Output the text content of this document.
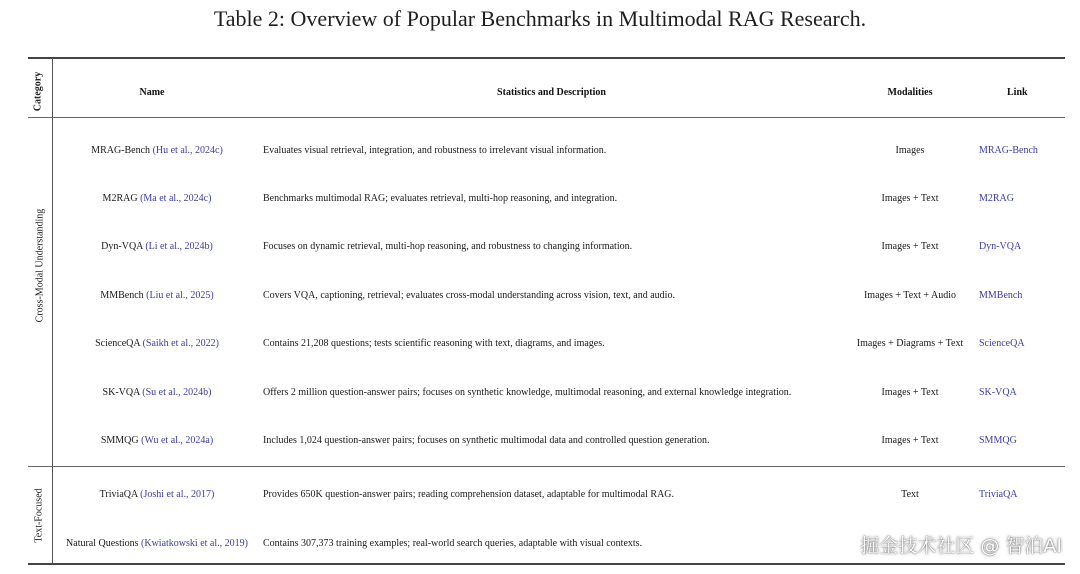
Table 2: Overview of Popular Benchmarks in Multimodal RAG Research.
Category	Name	Statistics and Description	Modalities	Link
Cross-Modal Understanding
Text-Focused
MRAG-Bench (Hu et al., 2024c)	Evaluates visual retrieval, integration, and robustness to irrelevant visual information.	Images	MRAG-Bench
M2RAG (Ma et al., 2024c)	Benchmarks multimodal RAG; evaluates retrieval, multi-hop reasoning, and integration.	Images + Text	M2RAG
Dyn-VQA (Li et al., 2024b)	Focuses on dynamic retrieval, multi-hop reasoning, and robustness to changing information.	Images + Text	Dyn-VQA
MMBench (Liu et al., 2025)	Covers VQA, captioning, retrieval; evaluates cross-modal understanding across vision, text, and audio.	Images + Text + Audio	MMBench
ScienceQA (Saikh et al., 2022)	Contains 21,208 questions; tests scientific reasoning with text, diagrams, and images.	Images + Diagrams + Text	ScienceQA
SK-VQA (Su et al., 2024b)	Offers 2 million question-answer pairs; focuses on synthetic knowledge, multimodal reasoning, and external knowledge integration.	Images + Text	SK-VQA
SMMQG (Wu et al., 2024a)	Includes 1,024 question-answer pairs; focuses on synthetic multimodal data and controlled question generation.	Images + Text	SMMQG
TriviaQA (Joshi et al., 2017)	Provides 650K question-answer pairs; reading comprehension dataset, adaptable for multimodal RAG.	Text	TriviaQA
Natural Questions (Kwiatkowski et al., 2019)	Contains 307,373 training examples; real-world search queries, adaptable with visual contexts.	掘金技术社区 @ 智泊AI
